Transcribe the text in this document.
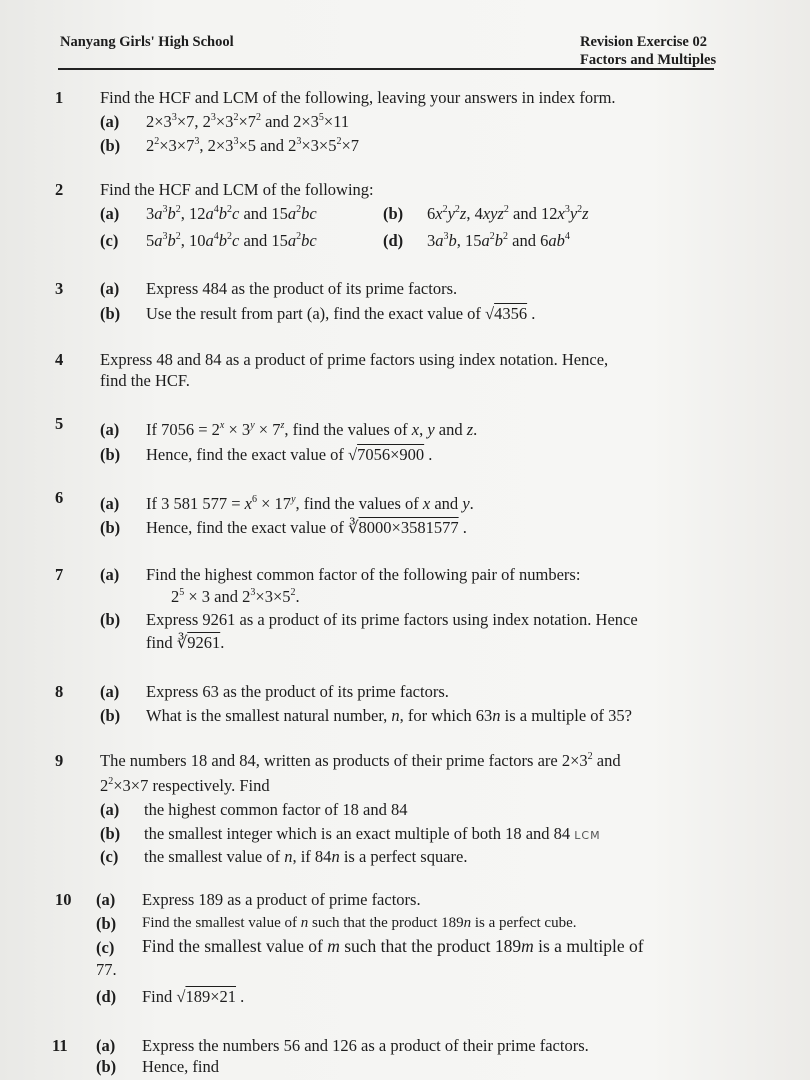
Nanyang Girls' High School	Revision Exercise 02
Factors and Multiples
1 Find the HCF and LCM of the following, leaving your answers in index form.
(a) $2\times 3^3\times 7$, $2^3\times 3^2\times 7^2$ and $2\times 3^5\times 11$
(b) $2^2\times 3\times 7^3$, $2\times 3^3\times 5$ and $2^3\times 3\times 5^2\times 7$
2 Find the HCF and LCM of the following:
(a) $3a^3b^2$, $12a^4b^2c$ and $15a^2bc$	(b) $6x^2y^2z$, 4xyz$^2$ and $12x^3y^2z$
(c) $5a^3b^2$, $10a^4b^2c$ and $15a^2bc$	(d) $3a^3b$, $15a^2b^2$ and $6ab^4$
3 (a) Express 484 as the product of its prime factors.
(b) Use the result from part (a), find the exact value of √4356 .
4 Express 48 and 84 as a product of prime factors using index notation. Hence,
find the HCF.
5 (a) If $7056 = 2^x \times 3^y \times 7^z$, find the values of x, y and z.
(b) Hence, find the exact value of √7056×900 .
6 (a) If 3 581 $577 = x^6 \times 17^y$, find the values of x and y.
(b) Hence, find the exact value of ∛8000×3581577 .
7 (a) Find the highest common factor of the following pair of numbers:
$2^5 \times 3$ and $2^3\times 3\times 5^2$.
(b) Express 9261 as a product of its prime factors using index notation. Hence
find ∛9261.
8 (a) Express 63 as the product of its prime factors.
(b) What is the smallest natural number, n, for which 63n is a multiple of 35?
9 The numbers 18 and 84, written as products of their prime factors are $2\times 3^2$ and
$2^2\times 3\times 7$ respectively. Find
(a) the highest common factor of 18 and 84
(b) the smallest integer which is an exact multiple of both 18 and 84 LCM
(c) the smallest value of n, if 84n is a perfect square.
10 (a) Express 189 as a product of prime factors.
(b) Find the smallest value of n such that the product 189n is a perfect cube.
(c) Find the smallest value of m such that the product 189m is a multiple of
77.
(d) Find √189×21 .
11 (a) Express the numbers 56 and 126 as a product of their prime factors.
(b) Hence, find
